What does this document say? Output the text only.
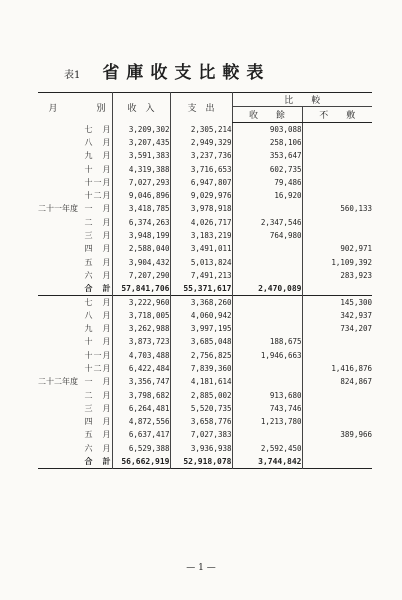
表1 省庫收支比較表
月	別	收　入	支　出	比　　較	
				收　　餘	不　　敷
二十一年度	七　月	3,209,302	2,305,214	903,088	
	八　月	3,207,435	2,949,329	258,106	
	九　月	3,591,383	3,237,736	353,647	
	十　月	4,319,388	3,716,653	602,735	
	十一月	7,027,293	6,947,807	79,486	
	十二月	9,046,896	9,029,976	16,920	
	一　月	3,418,785	3,978,918		560,133
	二　月	6,374,263	4,026,717	2,347,546	
	三　月	3,948,199	3,183,219	764,980	
	四　月	2,588,040	3,491,011		902,971
	五　月	3,904,432	5,013,824		1,109,392
	六　月	7,207,290	7,491,213		283,923
	合　計	57,841,706	55,371,617	2,470,089	
二十二年度	七　月	3,222,960	3,368,260		145,300
	八　月	3,718,005	4,060,942		342,937
	九　月	3,262,988	3,997,195		734,207
	十　月	3,873,723	3,685,048	188,675	
	十一月	4,703,488	2,756,825	1,946,663	
	十二月	6,422,484	7,839,360		1,416,876
	一　月	3,356,747	4,181,614		824,867
	二　月	3,798,682	2,885,002	913,680	
	三　月	6,264,481	5,520,735	743,746	
	四　月	4,872,556	3,658,776	1,213,780	
	五　月	6,637,417	7,027,383		389,966
	六　月	6,529,388	3,936,938	2,592,450	
	合　計	56,662,919	52,918,078	3,744,842	
— 1 —
